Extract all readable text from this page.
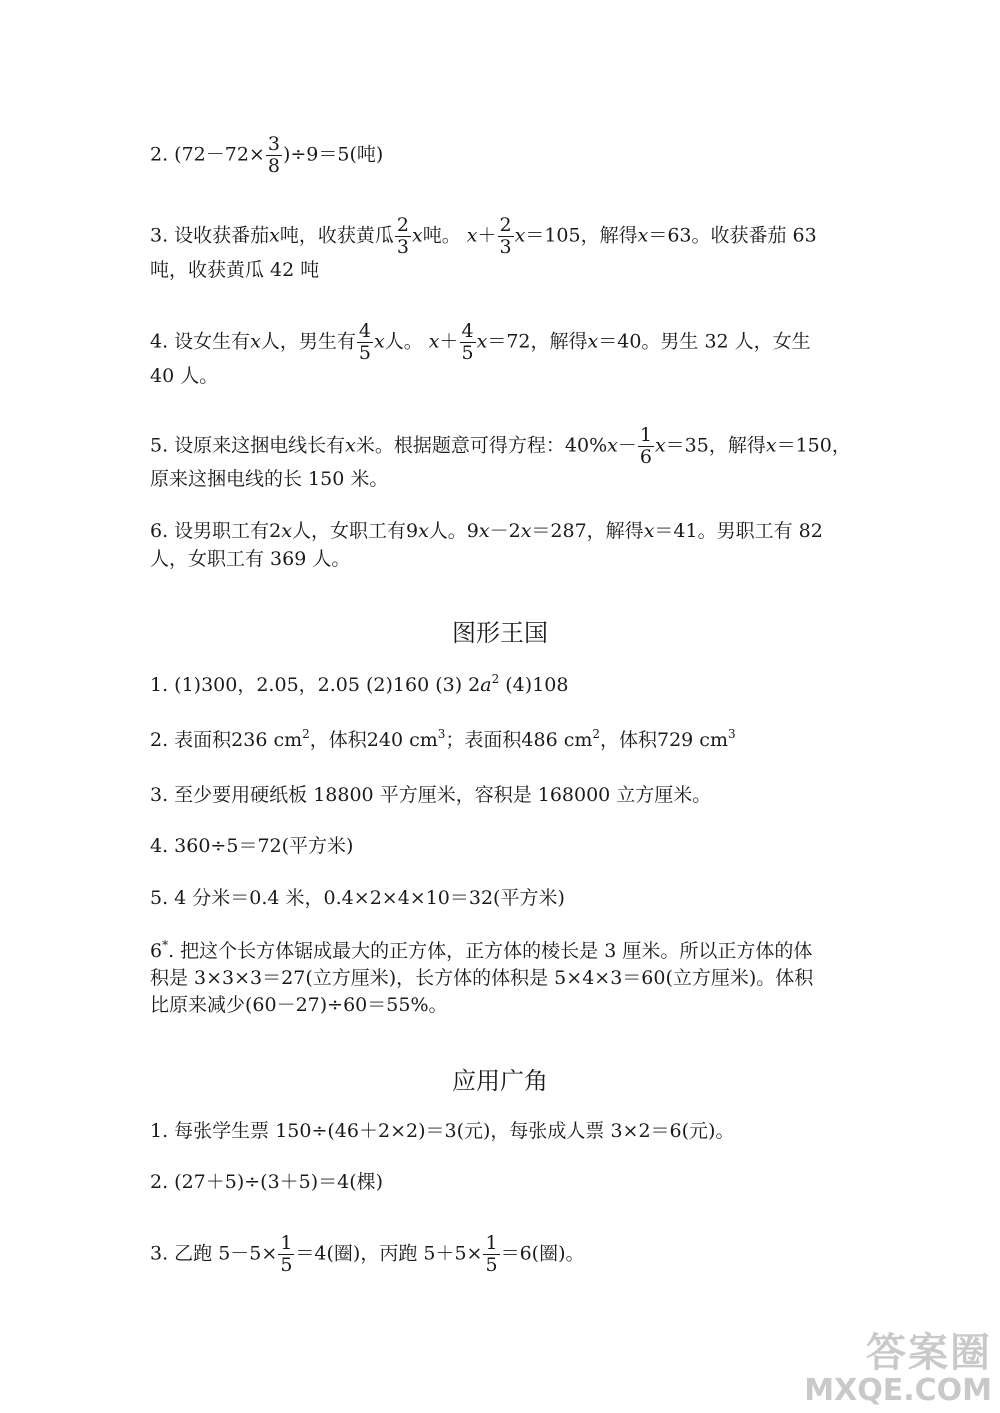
2. $(72-72\times \frac{3}{8} )\div 9=5$(吨)
3. 设收获番茄x吨，收获黄瓜 $\frac{2}{3}$ x吨。 $x+ \frac{2}{3} x=105$，解得x＝63。收获番茄 63
吨，收获黄瓜 42 吨
4. 设女生有x人，男生有 $\frac{4}{5}$ x人。 $x+ \frac{4}{5} x=72$，解得x＝40。男生 32 人，女生
40 人。
5. 设原来这捆电线长有x米。根据题意可得方程：$40\%x- \frac{1}{6} x=35$，解得x＝150，
原来这捆电线的长 150 米。
6. 设男职工有2x人，女职工有9x人。9x－2x＝287，解得x＝41。男职工有 82
人，女职工有 369 人。
图形王国
1. (1)300，2.05，2.05 (2)160 (3) $2a^2$ (4)108
2. 表面积236 $cm^2$，体积240 $cm^3$；表面积486 $cm^2$，体积729 $cm^3$
3. 至少要用硬纸板 18800 平方厘米，容积是 168000 立方厘米。
4. 360÷5＝72(平方米)
5. 4 分米＝0.4 米，0.4×2×4×10＝32(平方米)
6*. 把这个长方体锯成最大的正方体，正方体的棱长是 3 厘米。所以正方体的体
积是 3×3×3＝27(立方厘米)，长方体的体积是 5×4×3＝60(立方厘米)。体积
比原来减少(60－27)÷60＝55%。
应用广角
1. 每张学生票 150÷(46＋2×2)＝3(元)，每张成人票 3×2＝6(元)。
2. (27＋5)÷(3＋5)＝4(棵)
3. 乙跑 $5-5\times \frac{1}{5} =4$(圈)，丙跑 $5+5\times \frac{1}{5} =6$(圈)。
答案圈
MXQE.COM
